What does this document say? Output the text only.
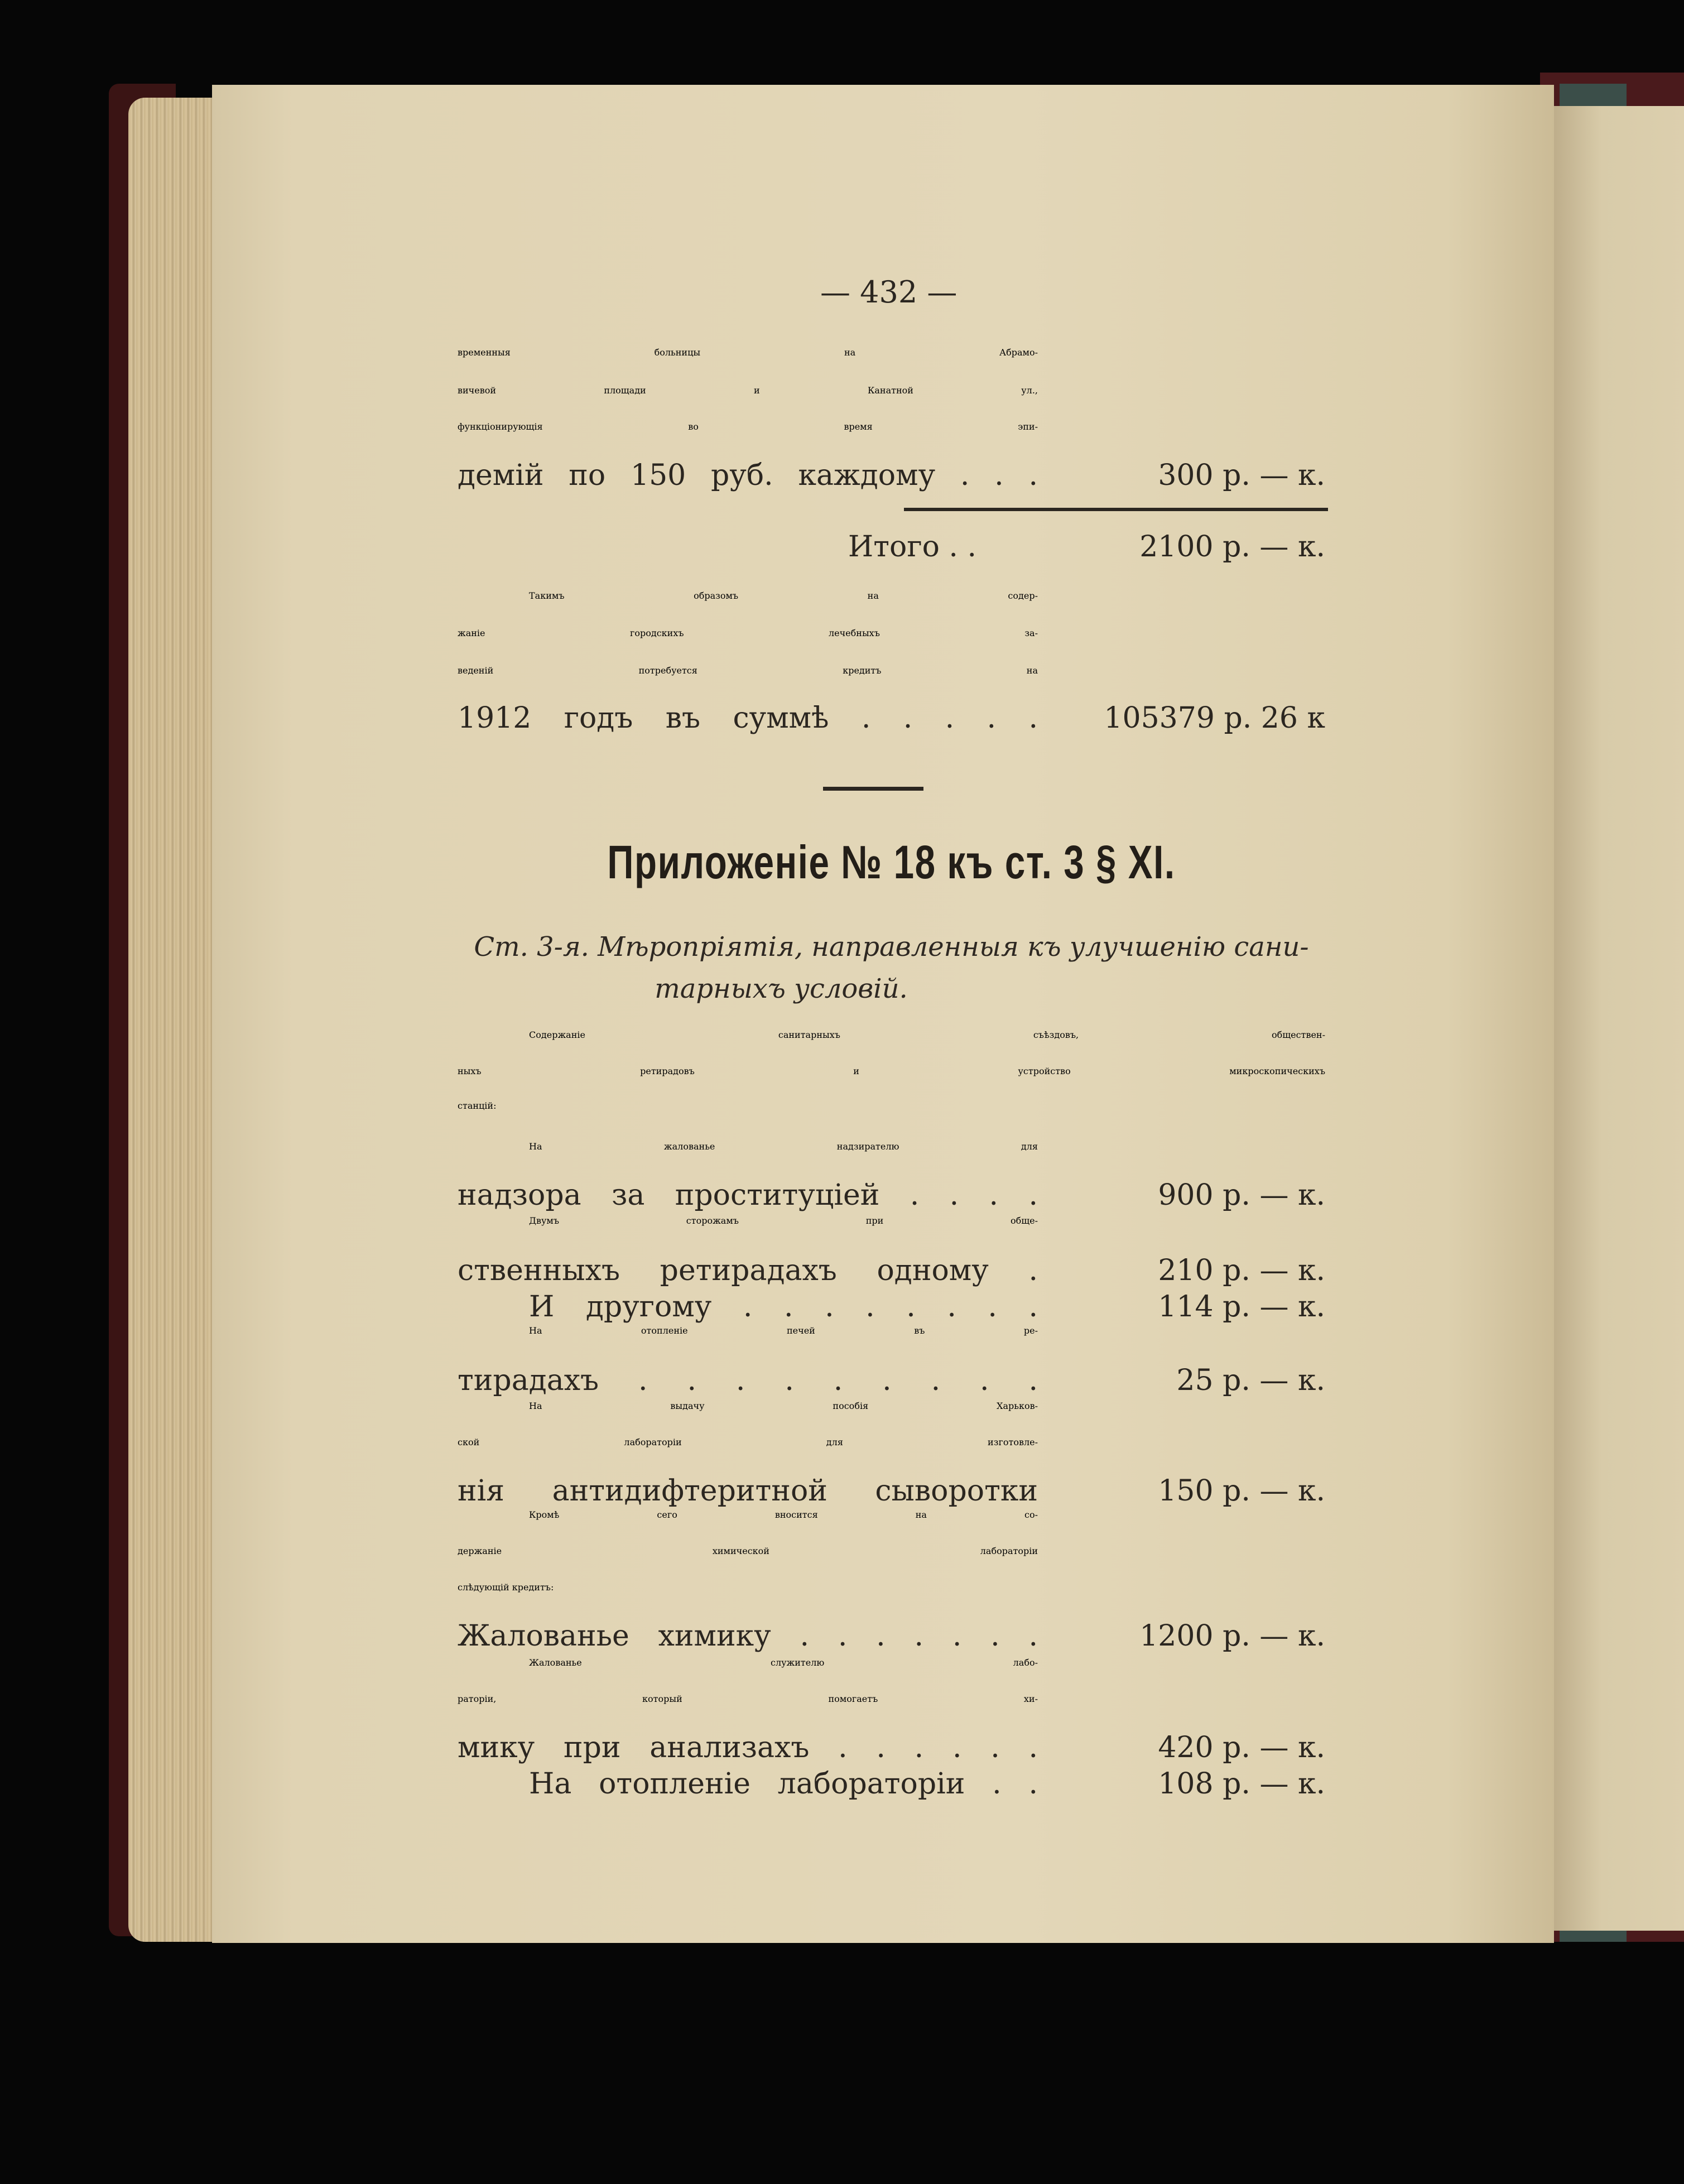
— 432 —
временныя больницы на Абрамо-
вичевой площади и Канатной ул.,
функціонирующія во время эпи-
демій по 150 руб. каждому . . .	300 р. — к.
Итого . .	2100 р. — к.
Такимъ образомъ на содер-
жаніе городскихъ лечебныхъ за-
веденій потребуется кредитъ на
1912 годъ въ суммѣ . . . . .	105379 р. 26 к
Приложеніе № 18 къ ст. 3 § XI.
Ст. 3-я. Мѣропріятія, направленныя къ улучшенію сани-
тарныхъ условій.
Содержаніе санитарныхъ съѣздовъ, обществен-
ныхъ ретирадовъ и устройство микроскопическихъ
станцій:
На жалованье надзирателю для
надзора за проституціей . . . .	900 р. — к.
Двумъ сторожамъ при обще-
ственныхъ ретирадахъ одному .	210 р. — к.
И другому . . . . . . . .	114 р. — к.
На отопленіе печей въ ре-
тирадахъ . . . . . . . . .	25 р. — к.
На выдачу пособія Харьков-
ской лабораторіи для изготовле-
нія антидифтеритной сыворотки	150 р. — к.
Кромѣ сего вносится на со-
держаніе химической лабораторіи
слѣдующій кредитъ:
Жалованье химику . . . . . . .	1200 р. — к.
Жалованье служителю лабо-
раторіи, который помогаетъ хи-
мику при анализахъ . . . . . .	420 р. — к.
На отопленіе лабораторіи . .	108 р. — к.
